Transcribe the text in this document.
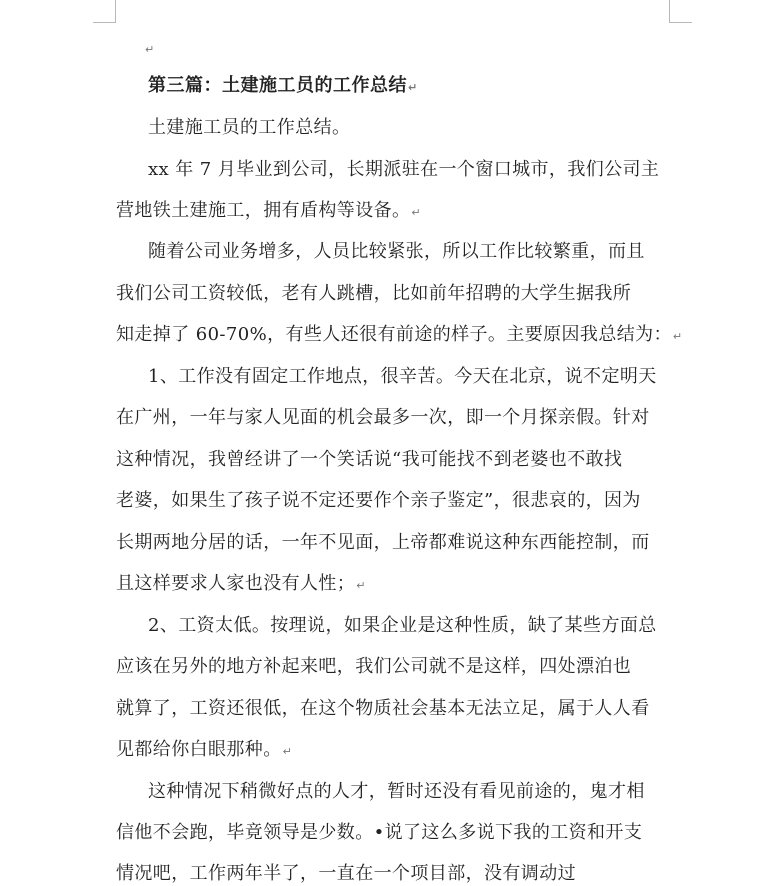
↵
第三篇：土建施工员的工作总结↵
土建施工员的工作总结。
xx 年 7 月毕业到公司，长期派驻在一个窗口城市，我们公司主
营地铁土建施工，拥有盾构等设备。↵
随着公司业务增多，人员比较紧张，所以工作比较繁重，而且
我们公司工资较低，老有人跳槽，比如前年招聘的大学生据我所
知走掉了 60-70%，有些人还很有前途的样子。主要原因我总结为：↵
1、工作没有固定工作地点，很辛苦。今天在北京，说不定明天
在广州，一年与家人见面的机会最多一次，即一个月探亲假。针对
这种情况，我曾经讲了一个笑话说“我可能找不到老婆也不敢找
老婆，如果生了孩子说不定还要作个亲子鉴定”，很悲哀的，因为
长期两地分居的话，一年不见面，上帝都难说这种东西能控制，而
且这样要求人家也没有人性；↵
2、工资太低。按理说，如果企业是这种性质，缺了某些方面总
应该在另外的地方补起来吧，我们公司就不是这样，四处漂泊也
就算了，工资还很低，在这个物质社会基本无法立足，属于人人看
见都给你白眼那种。↵
这种情况下稍微好点的人才，暂时还没有看见前途的，鬼才相
信他不会跑，毕竟领导是少数。•说了这么多说下我的工资和开支
情况吧，工作两年半了，一直在一个项目部，没有调动过
